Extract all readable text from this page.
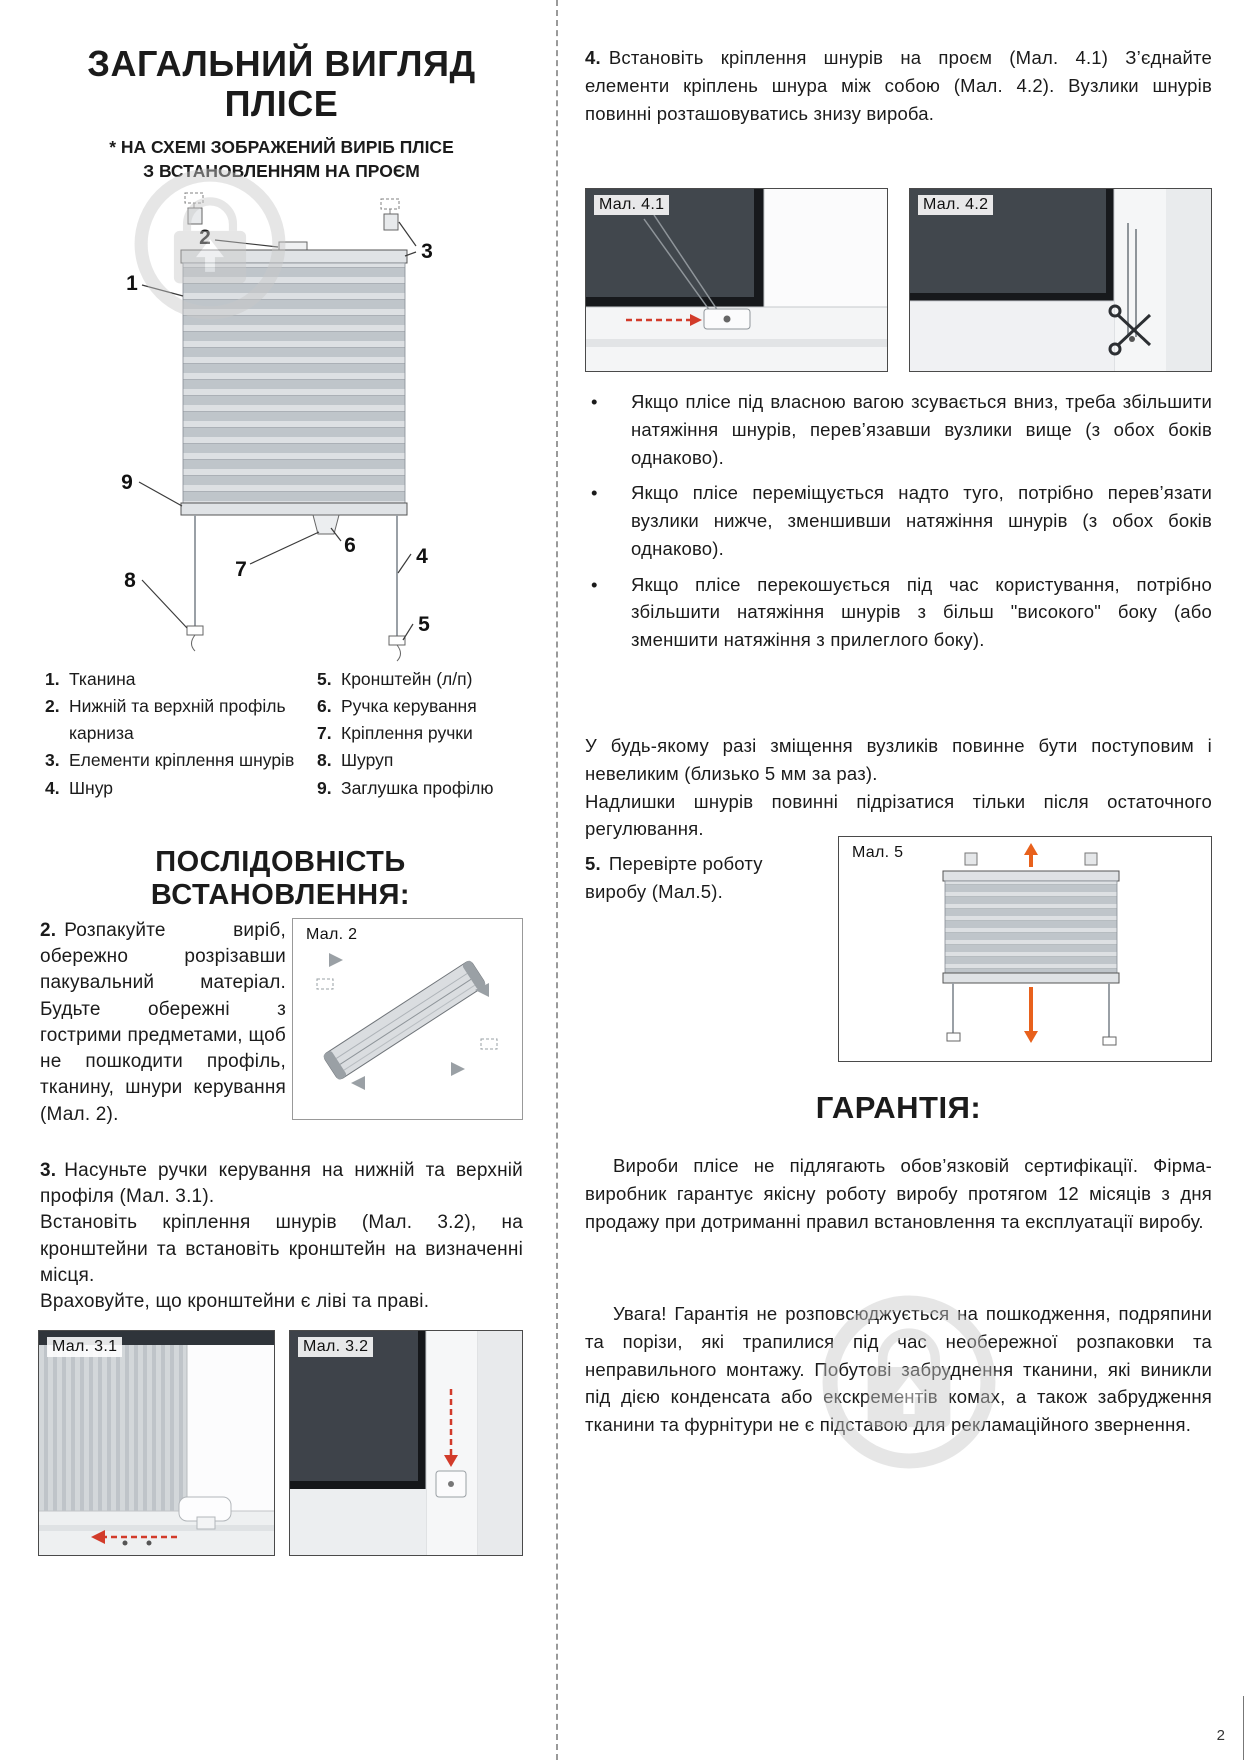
ЗАГАЛЬНИЙ ВИГЛЯД
ПЛІСЕ
* НА СХЕМІ ЗОБРАЖЕНИЙ ВИРІБ ПЛІСЕ
З ВСТАНОВЛЕННЯМ НА ПРОЄМ
1
2
3
4
5
6
7
8
9
1. Тканина
2. Нижній та верхній профіль карниза
3. Елементи кріплення шнурів
4. Шнур
5. Кронштейн (л/п)
6. Ручка керування
7. Кріплення ручки
8. Шуруп
9. Заглушка профілю
ПОСЛІДОВНІСТЬ ВСТАНОВЛЕННЯ:
2. Розпакуйте виріб, обережно розрізавши пакувальний матеріал. Будьте обережні з гострими предметами, щоб не пошкодити профіль, тканину, шнури керування (Мал. 2).
Мал. 2
3. Насуньте ручки керування на нижній та верхній профіля (Мал. 3.1).
Встановіть кріплення шнурів (Мал. 3.2), на кронштейни та встановіть кронштейн на визначенні місця.
Враховуйте, що кронштейни є ліві та праві.
Мал. 3.1	Мал. 3.2
4. Встановіть кріплення шнурів на проєм (Мал. 4.1) З’єднайте елементи кріплень шнура між собою (Мал. 4.2). Вузлики шнурів повинні розташовуватись знизу вироба.
Мал. 4.1	Мал. 4.2
• Якщо плісе під власною вагою зсувається вниз, треба збільшити натяжіння шнурів, перев’язавши вузлики вище (з обох боків однаково).
• Якщо плісе переміщується надто туго, потрібно перев’язати вузлики нижче, зменшивши натяжіння шнурів (з обох боків однаково).
• Якщо плісе перекошується під час користування, потрібно збільшити натяжіння шнурів з більш "високого" боку (або зменшити натяжіння з прилеглого боку).
У будь-якому разі зміщення вузликів повинне бути поступовим і невеликим (близько 5 мм за раз).
Надлишки шнурів повинні підрізатися тільки після остаточного регулювання.
5. Перевірте роботу виробу (Мал.5).
Мал. 5
ГАРАНТІЯ:
Вироби плісе не підлягають обов’язковій сертифікації. Фірма-виробник гарантує якісну роботу виробу протягом 12 місяців з дня продажу при дотриманні правил встановлення та експлуатації виробу.
Увага! Гарантія не розповсюджується на пошкодження, подряпини та порізи, які трапилися під час необережної розпаковки та неправильного монтажу. Побутові забруднення тканини, які виникли під дією конденсата або екскрементів комах, а також забрудження тканини та фурнітури не є підставою для рекламаційного звернення.
2
